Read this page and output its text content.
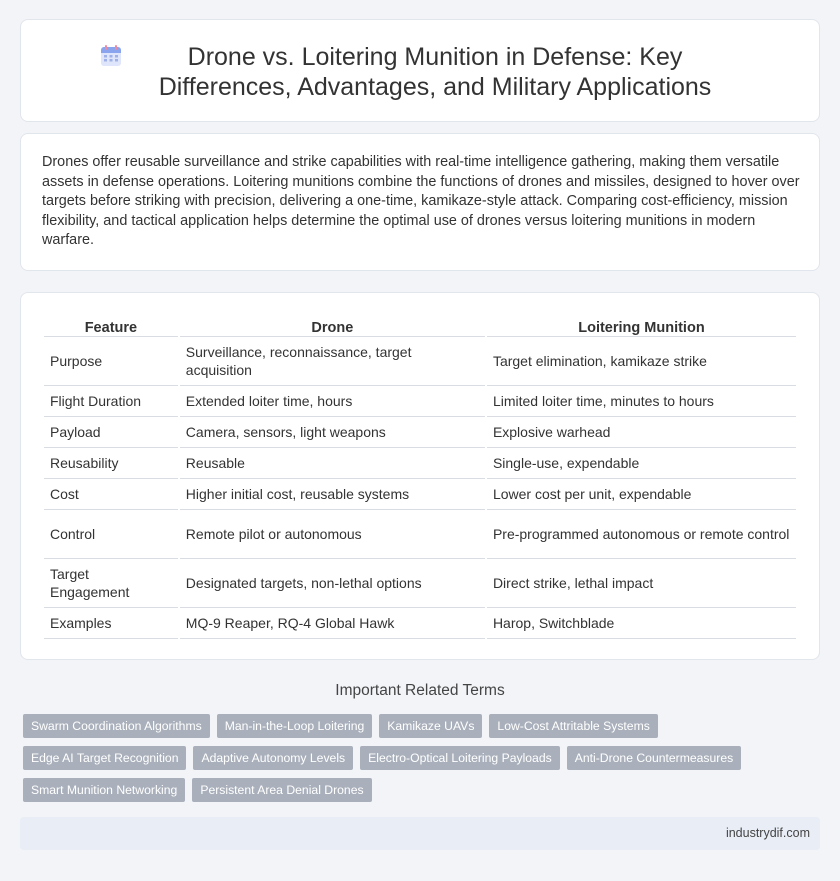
Drone vs. Loitering Munition in Defense: Key Differences, Advantages, and Military Applications

Drones offer reusable surveillance and strike capabilities with real-time intelligence gathering, making them versatile assets in defense operations. Loitering munitions combine the functions of drones and missiles, designed to hover over targets before striking with precision, delivering a one-time, kamikaze-style attack. Comparing cost-efficiency, mission flexibility, and tactical application helps determine the optimal use of drones versus loitering munitions in modern warfare.

Feature	Drone	Loitering Munition
Purpose	Surveillance, reconnaissance, target acquisition	Target elimination, kamikaze strike
Flight Duration	Extended loiter time, hours	Limited loiter time, minutes to hours
Payload	Camera, sensors, light weapons	Explosive warhead
Reusability	Reusable	Single-use, expendable
Cost	Higher initial cost, reusable systems	Lower cost per unit, expendable
Control	Remote pilot or autonomous	Pre-programmed autonomous or remote control
Target Engagement	Designated targets, non-lethal options	Direct strike, lethal impact
Examples	MQ-9 Reaper, RQ-4 Global Hawk	Harop, Switchblade
Important Related Terms
Swarm Coordination Algorithms	Man-in-the-Loop Loitering	Kamikaze UAVs	Low-Cost Attritable Systems
Edge AI Target Recognition	Adaptive Autonomy Levels	Electro-Optical Loitering Payloads	Anti-Drone Countermeasures
Smart Munition Networking	Persistent Area Denial Drones
industrydif.com
